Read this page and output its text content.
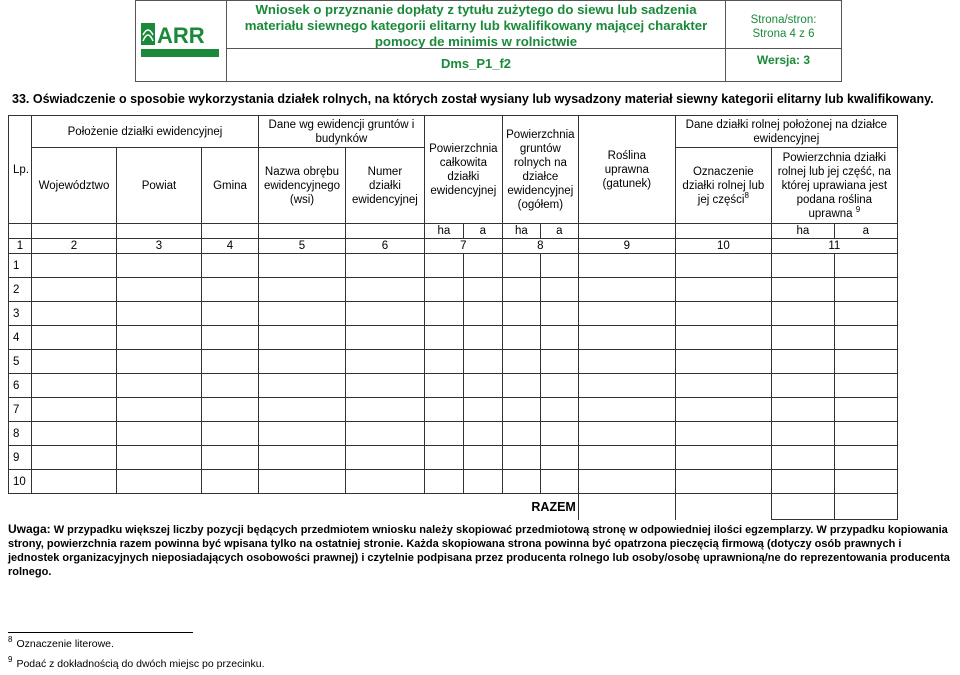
ARR
Wniosek o przyznanie dopłaty z tytułu zużytego do siewu lub sadzenia materiału siewnego kategorii elitarny lub kwalifikowany mającej charakter pomocy de minimis w rolnictwie
Dms_P1_f2
Strona/stron:
Strona 4 z 6
Wersja: 3
33. Oświadczenie o sposobie wykorzystania działek rolnych, na których został wysiany lub wysadzony materiał siewny kategorii elitarny lub kwalifikowany.
Lp.	Położenie działki ewidencyjnej			Dane wg ewidencji gruntów i budynków		Powierzchnia całkowita działki ewidencyjnej		Powierzchnia gruntów rolnych na działce ewidencyjnej (ogółem)		Roślina uprawna (gatunek)	Dane działki rolnej położonej na działce ewidencyjnej		
	Województwo	Powiat	Gmina	Nazwa obrębu ewidencyjnego (wsi)	Numer działki ewidencyjnej						Oznaczenie działki rolnej lub jej części$^8$	Powierzchnia działki rolnej lub jej część, na której uprawiana jest podana roślina uprawna $^9$
						ha	a	ha	a			ha	a
1	2	3	4	5	6	7		8		9	10	11	
1													
2													
3													
4													
5													
6													
7													
8													
9													
10													
RAZEM													
Uwaga: W przypadku większej liczby pozycji będących przedmiotem wniosku należy skopiować przedmiotową stronę w odpowiedniej ilości egzemplarzy. W przypadku kopiowania strony, powierzchnia razem powinna być wpisana tylko na ostatniej stronie. Każda skopiowana strona powinna być opatrzona pieczęcią firmową (dotyczy osób prawnych i jednostek organizacyjnych nieposiadających osobowości prawnej) i czytelnie podpisana przez producenta rolnego lub osoby/osobę uprawnioną/ne do reprezentowania producenta rolnego.
$^8$ Oznaczenie literowe.
$^9$ Podać z dokładnością do dwóch miejsc po przecinku.
